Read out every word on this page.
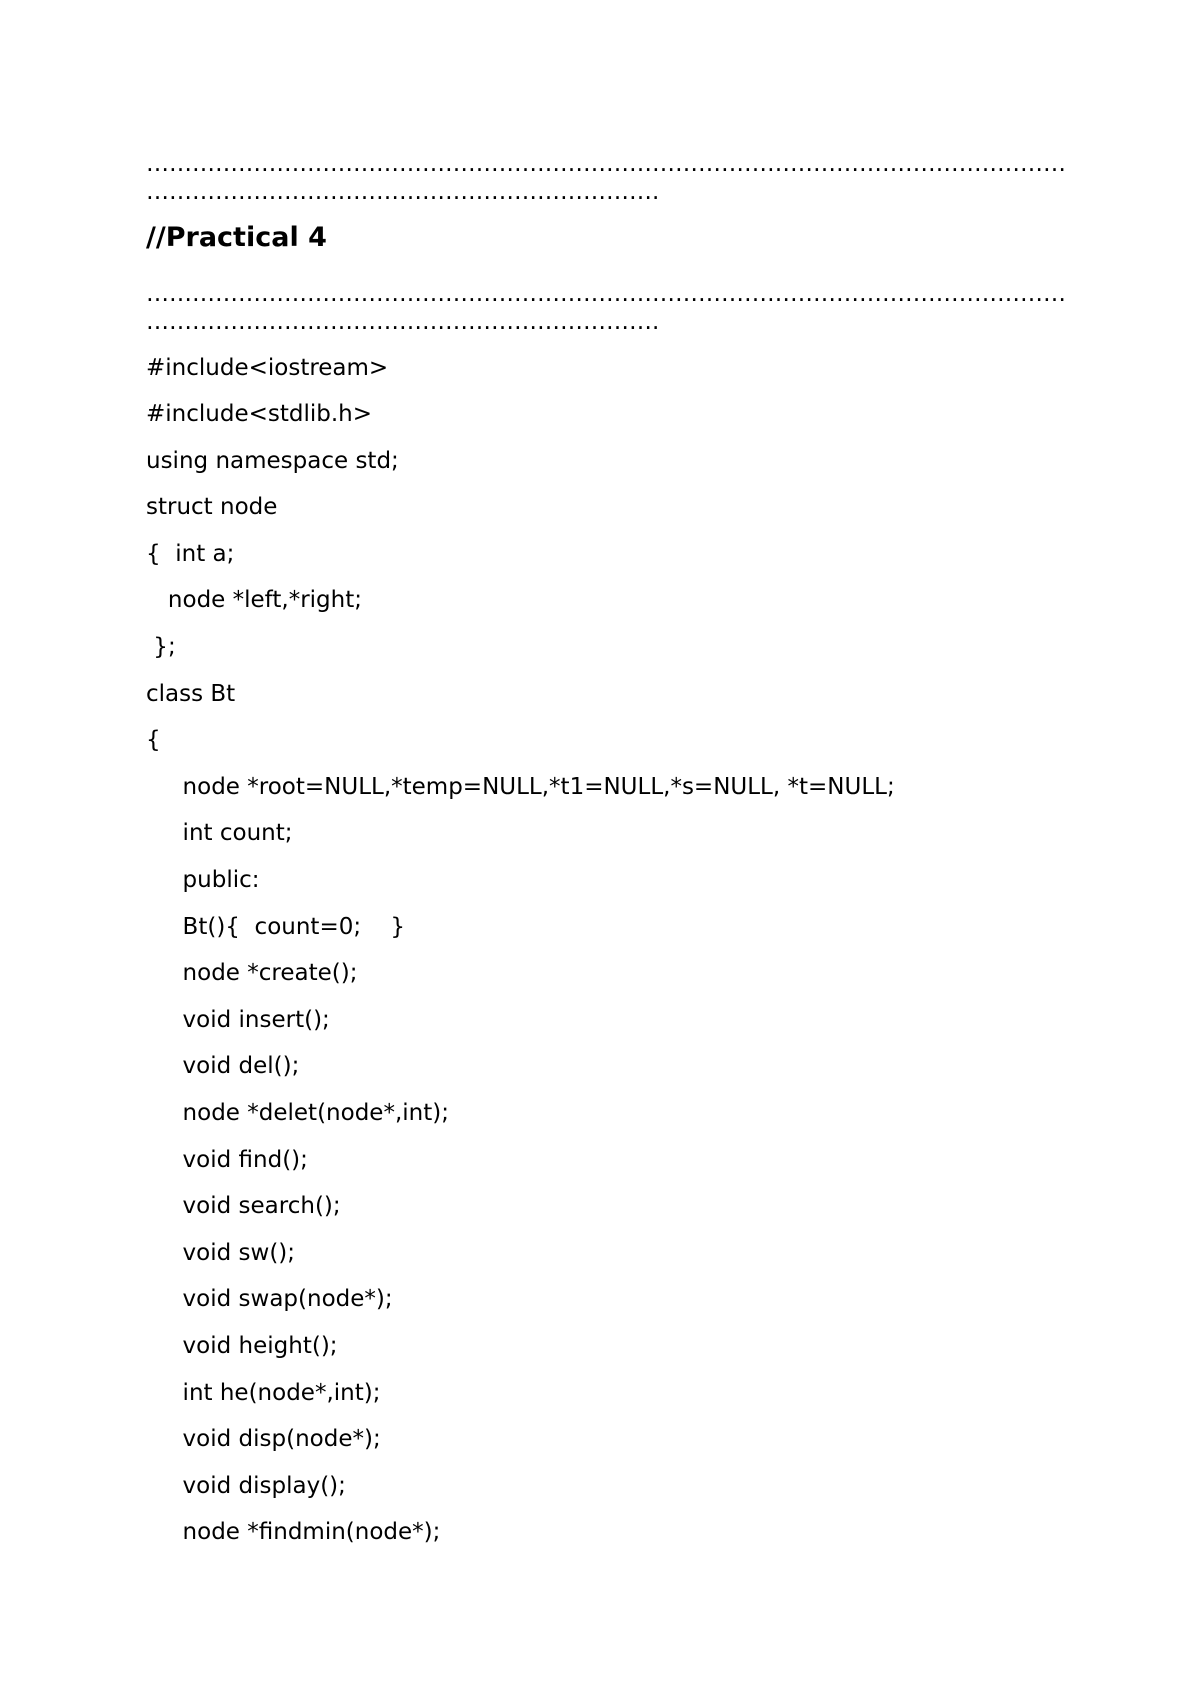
…………………………………………………………………………………………………………
………………………………………………………….
//Practical 4
…………………………………………………………………………………………………………
………………………………………………………….
#include<iostream>
#include<stdlib.h>
using namespace std;
struct node
{  int a;
node *left,*right;
};
class Bt
{
node *root=NULL,*temp=NULL,*t1=NULL,*s=NULL, *t=NULL;
int count;
public:
Bt(){  count=0;    }
node *create();
void insert();
void del();
node *delet(node*,int);
void find();
void search();
void sw();
void swap(node*);
void height();
int he(node*,int);
void disp(node*);
void display();
node *findmin(node*);
